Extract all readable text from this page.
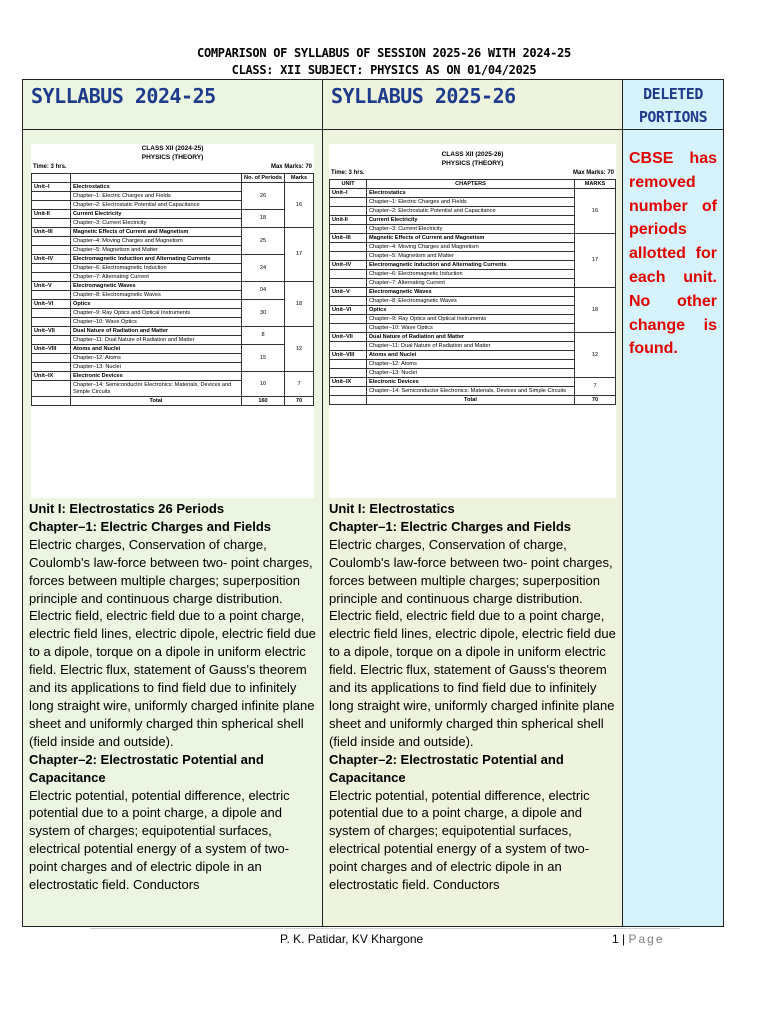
COMPARISON OF SYLLABUS OF SESSION 2025-26 WITH 2024-25
CLASS: XII SUBJECT: PHYSICS AS ON 01/04/2025
SYLLABUS 2024-25	SYLLABUS 2025-26	DELETED
PORTIONS

CLASS XII (2024-25)
PHYSICS (THEORY)
Time: 3 hrs.	Max Marks: 70
		No. of Periods	Marks
Unit–I	Electrostatics	26	16
	Chapter–1: Electric Charges and Fields
	Chapter–2: Electrostatic Potential and Capacitance
Unit-II	Current Electricity	18
	Chapter–3: Current Electricity
Unit–III	Magnetic Effects of Current and Magnetism	25	17
	Chapter–4: Moving Charges and Magnetism
	Chapter–5: Magnetism and Matter
Unit–IV	Electromagnetic Induction and Alternating Currents	24
	Chapter–6: Electromagnetic Induction
	Chapter–7: Alternating Current
Unit–V	Electromagnetic Waves	04	18
	Chapter–8: Electromagnetic Waves
Unit–VI	Optics	30
	Chapter–9: Ray Optics and Optical Instruments
	Chapter–10: Wave Optics
Unit–VII	Dual Nature of Radiation and Matter	8	12
	Chapter–11: Dual Nature of Radiation and Matter
Unit–VIII	Atoms and Nuclei	15
	Chapter–12: Atoms
	Chapter–13: Nuclei
Unit–IX	Electronic Devices	10	7
	Chapter–14: Semiconductor Electronics: Materials, Devices and Simple Circuits
	Total	160	70
Unit I: Electrostatics 26 Periods
Chapter–1: Electric Charges and Fields
Electric charges, Conservation of charge, Coulomb's law-force between two- point charges, forces between multiple charges; superposition principle and continuous charge distribution. Electric field, electric field due to a point charge, electric field lines, electric dipole, electric field due to a dipole, torque on a dipole in uniform electric field. Electric flux, statement of Gauss's theorem and its applications to find field due to infinitely long straight wire, uniformly charged infinite plane sheet and uniformly charged thin spherical shell (field inside and outside).
Chapter–2: Electrostatic Potential and Capacitance
Electric potential, potential difference, electric potential due to a point charge, a dipole and system of charges; equipotential surfaces, electrical potential energy of a system of two-point charges and of electric dipole in an electrostatic field. Conductors

CLASS XII (2025-26)
PHYSICS (THEORY)
Time: 3 hrs.	Max Marks: 70
UNIT	CHAPTERS	MARKS
Unit–I	Electrostatics	16
	Chapter–1: Electric Charges and Fields
	Chapter–2: Electrostatic Potential and Capacitance
Unit-II	Current Electricity
	Chapter–3: Current Electricity
Unit–III	Magnetic Effects of Current and Magnetism	17
	Chapter–4: Moving Charges and Magnetism
	Chapter–5: Magnetism and Matter
Unit–IV	Electromagnetic Induction and Alternating Currents
	Chapter–6: Electromagnetic Induction
	Chapter–7: Alternating Current
Unit–V	Electromagnetic Waves	18
	Chapter–8: Electromagnetic Waves
Unit–VI	Optics
	Chapter–9: Ray Optics and Optical Instruments
	Chapter–10: Wave Optics
Unit–VII	Dual Nature of Radiation and Matter	12
	Chapter–11: Dual Nature of Radiation and Matter
Unit–VIII	Atoms and Nuclei
	Chapter–12: Atoms
	Chapter–13: Nuclei
Unit–IX	Electronic Devices	7
	Chapter–14: Semiconductor Electronics: Materials, Devices and Simple Circuits
	Total	70
Unit I: Electrostatics
Chapter–1: Electric Charges and Fields
Electric charges, Conservation of charge, Coulomb's law-force between two- point charges, forces between multiple charges; superposition principle and continuous charge distribution. Electric field, electric field due to a point charge, electric field lines, electric dipole, electric field due to a dipole, torque on a dipole in uniform electric field. Electric flux, statement of Gauss's theorem and its applications to find field due to infinitely long straight wire, uniformly charged infinite plane sheet and uniformly charged thin spherical shell (field inside and outside).
Chapter–2: Electrostatic Potential and Capacitance
Electric potential, potential difference, electric potential due to a point charge, a dipole and system of charges; equipotential surfaces, electrical potential energy of a system of two-point charges and of electric dipole in an electrostatic field. Conductors

CBSE has removed number of periods allotted for each unit. No other change is found.
P. K. Patidar, KV Khargone	1 | Page
